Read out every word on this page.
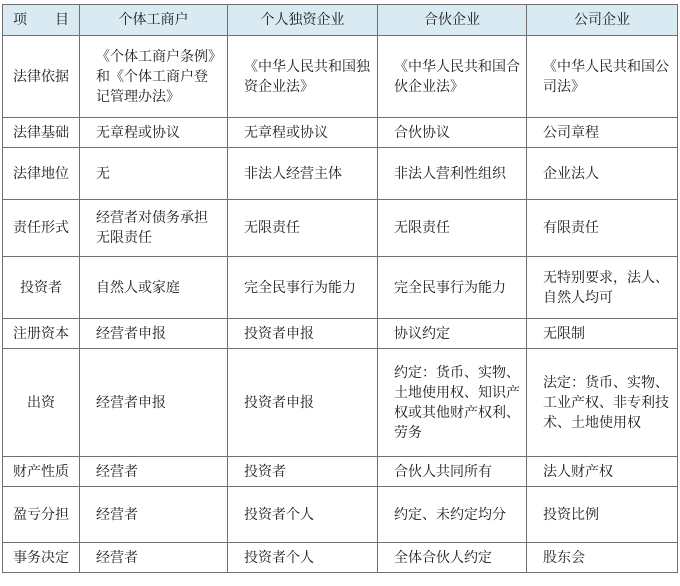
项 目	个体工商户	个人独资企业	合伙企业	公司企业
法律依据	《个体工商户条例》和《个体工商户登记管理办法》	《中华人民共和国独资企业法》	《中华人民共和国合伙企业法》	《中华人民共和国公司法》
法律基础	无章程或协议	无章程或协议	合伙协议	公司章程
法律地位	无	非法人经营主体	非法人营利性组织	企业法人
责任形式	经营者对债务承担无限责任	无限责任	无限责任	有限责任
投资者	自然人或家庭	完全民事行为能力	完全民事行为能力	无特别要求，法人、自然人均可
注册资本	经营者申报	投资者申报	协议约定	无限制
出资	经营者申报	投资者申报	约定：货币、实物、土地使用权、知识产权或其他财产权利、劳务	法定：货币、实物、工业产权、非专利技术、土地使用权
财产性质	经营者	投资者	合伙人共同所有	法人财产权
盈亏分担	经营者	投资者个人	约定、未约定均分	投资比例
事务决定	经营者	投资者个人	全体合伙人约定	股东会
